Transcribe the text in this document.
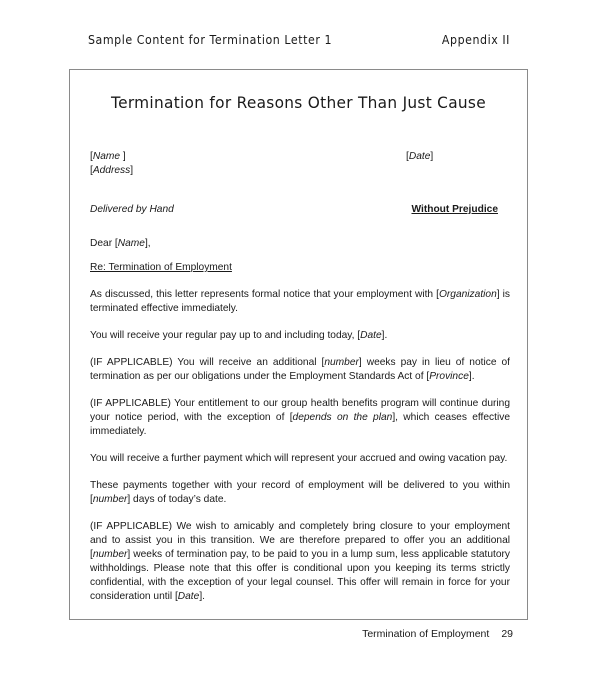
Sample Content for Termination Letter 1	Appendix II
Termination for Reasons Other Than Just Cause
[Name ]	[Date]
[Address]
Delivered by Hand	Without Prejudice

Dear [Name],

Re: Termination of Employment

As discussed, this letter represents formal notice that your employment with [Organization] is terminated effective immediately.

You will receive your regular pay up to and including today, [Date].

(IF APPLICABLE) You will receive an additional [number] weeks pay in lieu of notice of termination as per our obligations under the Employment Standards Act of [Province].

(IF APPLICABLE) Your entitlement to our group health benefits program will continue during your notice period, with the exception of [depends on the plan], which ceases effective immediately.

You will receive a further payment which will represent your accrued and owing vacation pay.

These payments together with your record of employment will be delivered to you within [number] days of today’s date.

(IF APPLICABLE) We wish to amicably and completely bring closure to your employment and to assist you in this transition. We are therefore prepared to offer you an additional [number] weeks of termination pay, to be paid to you in a lump sum, less applicable statutory withholdings. Please note that this offer is conditional upon you keeping its terms strictly confidential, with the exception of your legal counsel. This offer will remain in force for your consideration until [Date].

Termination of Employment 29
